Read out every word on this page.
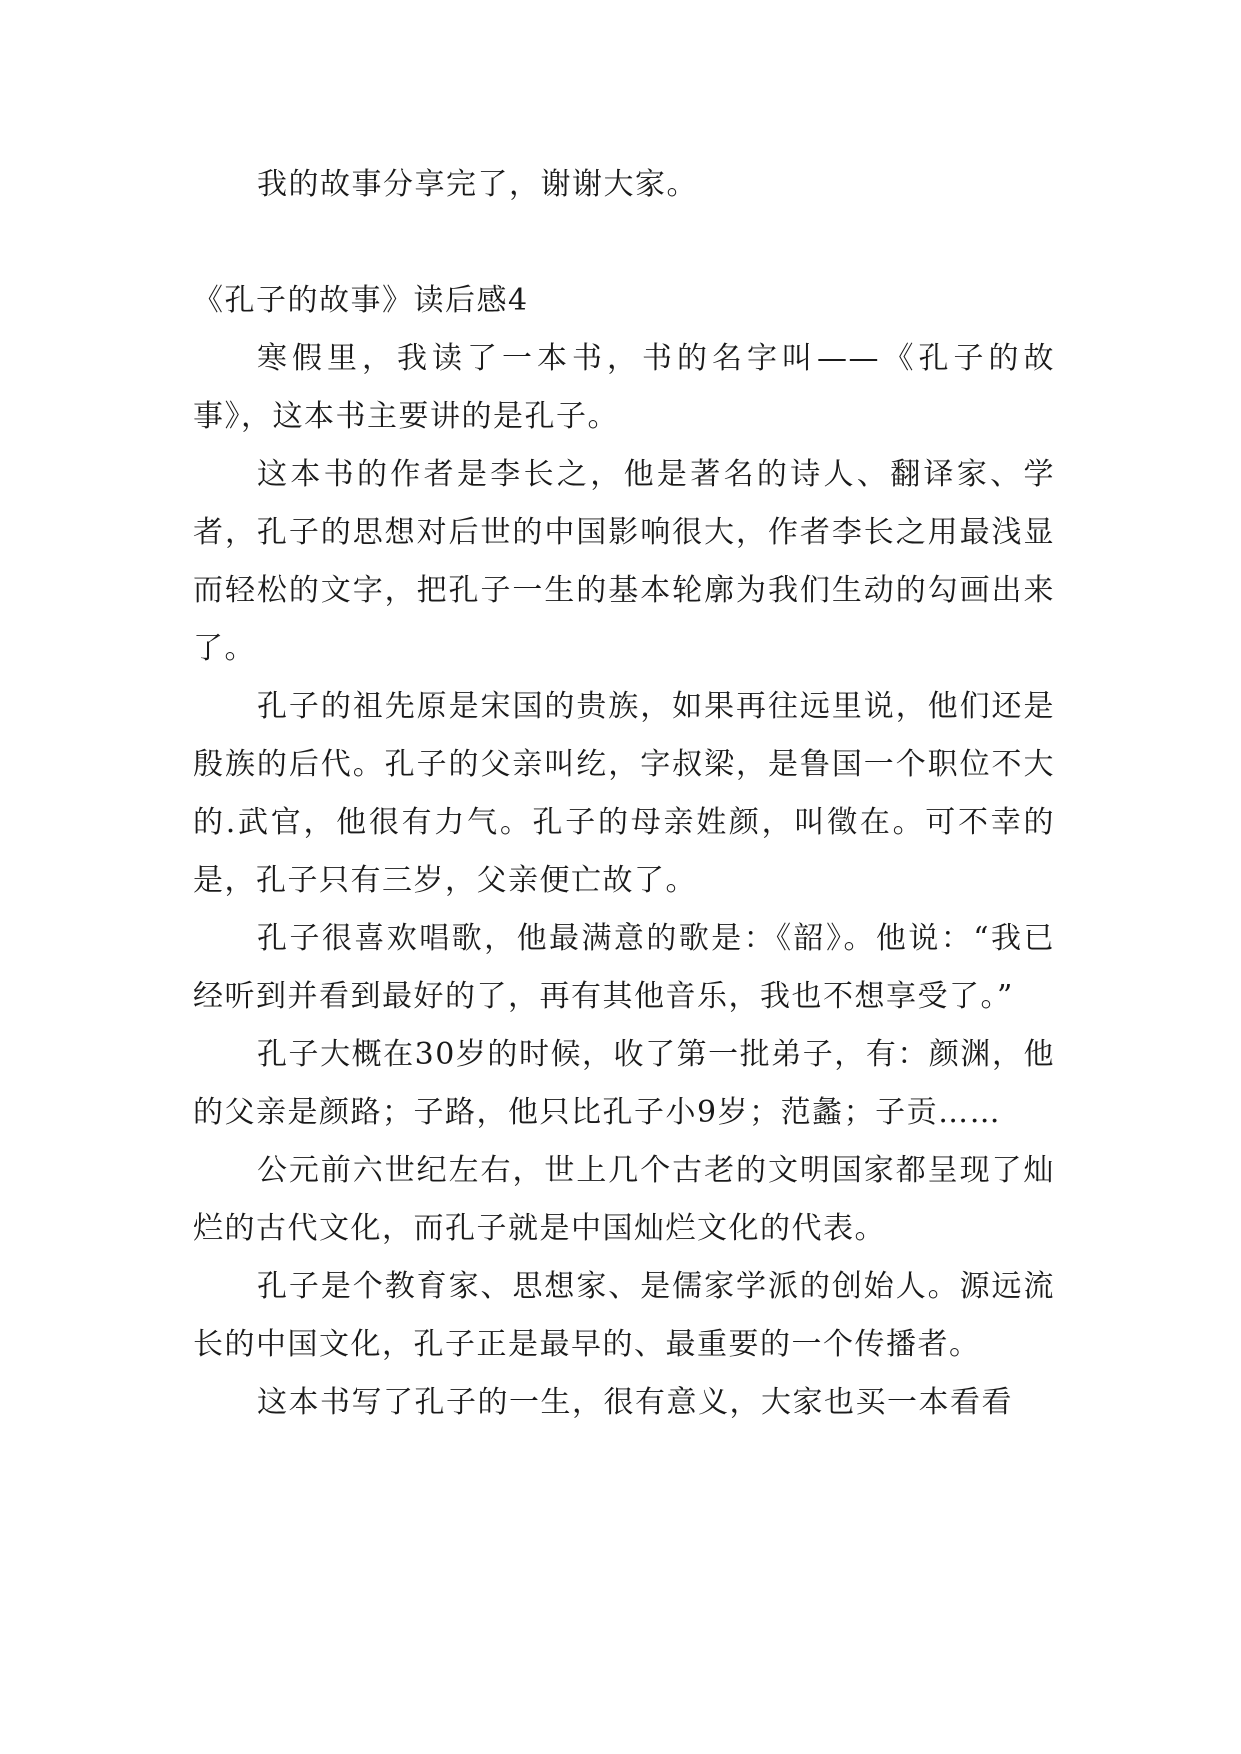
我的故事分享完了，谢谢大家。

《孔子的故事》读后感4

寒假里，我读了一本书，书的名字叫——《孔子的故事》，这本书主要讲的是孔子。

这本书的作者是李长之，他是著名的诗人、翻译家、学者，孔子的思想对后世的中国影响很大，作者李长之用最浅显而轻松的文字，把孔子一生的基本轮廓为我们生动的勾画出来了。

孔子的祖先原是宋国的贵族，如果再往远里说，他们还是殷族的后代。孔子的父亲叫纥，字叔梁，是鲁国一个职位不大的.武官，他很有力气。孔子的母亲姓颜，叫徵在。可不幸的是，孔子只有三岁，父亲便亡故了。

孔子很喜欢唱歌，他最满意的歌是：《韶》。他说：“我已经听到并看到最好的了，再有其他音乐，我也不想享受了。”

孔子大概在30岁的时候，收了第一批弟子，有：颜渊，他的父亲是颜路；子路，他只比孔子小9岁；范蠡；子贡……

公元前六世纪左右，世上几个古老的文明国家都呈现了灿烂的古代文化，而孔子就是中国灿烂文化的代表。

孔子是个教育家、思想家、是儒家学派的创始人。源远流长的中国文化，孔子正是最早的、最重要的一个传播者。

这本书写了孔子的一生，很有意义，大家也买一本看看
